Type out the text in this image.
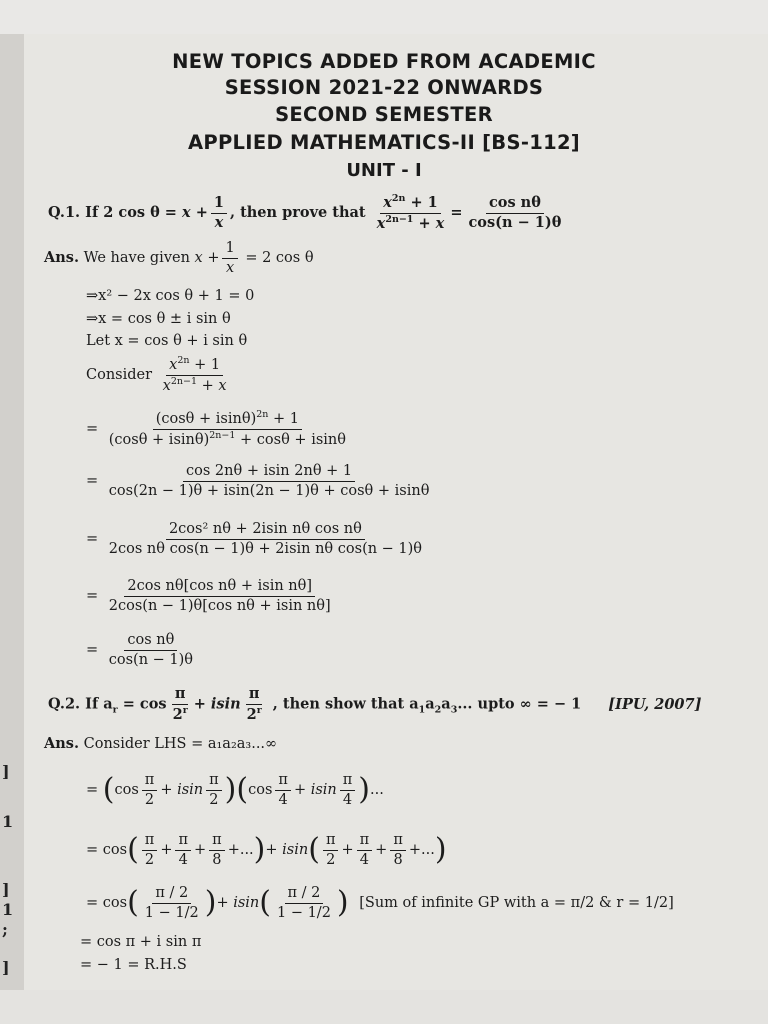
]
1
]
1
;
]
NEW TOPICS ADDED FROM ACADEMIC
SESSION 2021-22 ONWARDS
SECOND SEMESTER
APPLIED MATHEMATICS-II [BS-112]
UNIT - I
Q.1. If 2 $\cos \theta = x + \frac{1}{x}$ , then prove that $\frac{x^{2n} + 1}{x^{2n-1} + x} = \frac{\text{cos nθ}}{\cos(n - 1)\theta}$
Ans. We have given $x + \frac{1}{x} = 2$ cos θ
⇒x² − 2x cos θ + 1 = 0
⇒x = cos θ ± i sin θ
Let x = cos θ + i sin θ
Consider $\frac{x^{2n} + 1}{x^{2n-1} + x}$
= $\frac{(\cos\theta + isin\theta)^{2n} + 1}{(\cos\theta + isin\theta)^{2n-1} + \cos\theta + isin\theta}$
= $\frac{\cos 2n\theta + isin 2n\theta + 1}{\cos(2n - 1)\theta + isin(2n - 1)\theta + \cos\theta + isin\theta}$
= $\frac{\text{2cos² nθ + 2isin nθ cos nθ}}{\text{2cos nθ cos(n − 1)θ + 2isin nθ cos(n − 1)θ}}$
= $\frac{\text{2cos nθ[cos nθ + isin nθ]}}{\text{2cos(n − 1)θ[cos nθ + isin nθ]}}$
= $\frac{\text{cos nθ}}{\cos(n - 1)\theta}$
Q.2. If $a_r = \cos \frac{\pi}{2^r} + isin \frac{\pi}{2^r}$ , then show that $a_1a_2a_3$... upto ∞ = − 1 [IPU, 2007]
Ans. Consider LHS = a₁a₂a₃...∞
= $(\cos \frac{\pi}{2} + isin \frac{\pi}{2} )(\cos \frac{\pi}{4} + isin \frac{\pi}{4}$ )...
= $\cos( \frac{\pi}{2} + \frac{\pi}{4} + \frac{\pi}{8}$ +...)+ $isin( \frac{\pi}{2} + \frac{\pi}{4} + \frac{\pi}{8}$ +...)
= $\cos( \frac{\pi / 2}{1 - 1/2}$ )+ $isin( \frac{\pi / 2}{1 - 1/2}$ ) [Sum of infinite GP with a = π/2 & r = 1/2]
= cos π + i sin π
= − 1 = R.H.S
